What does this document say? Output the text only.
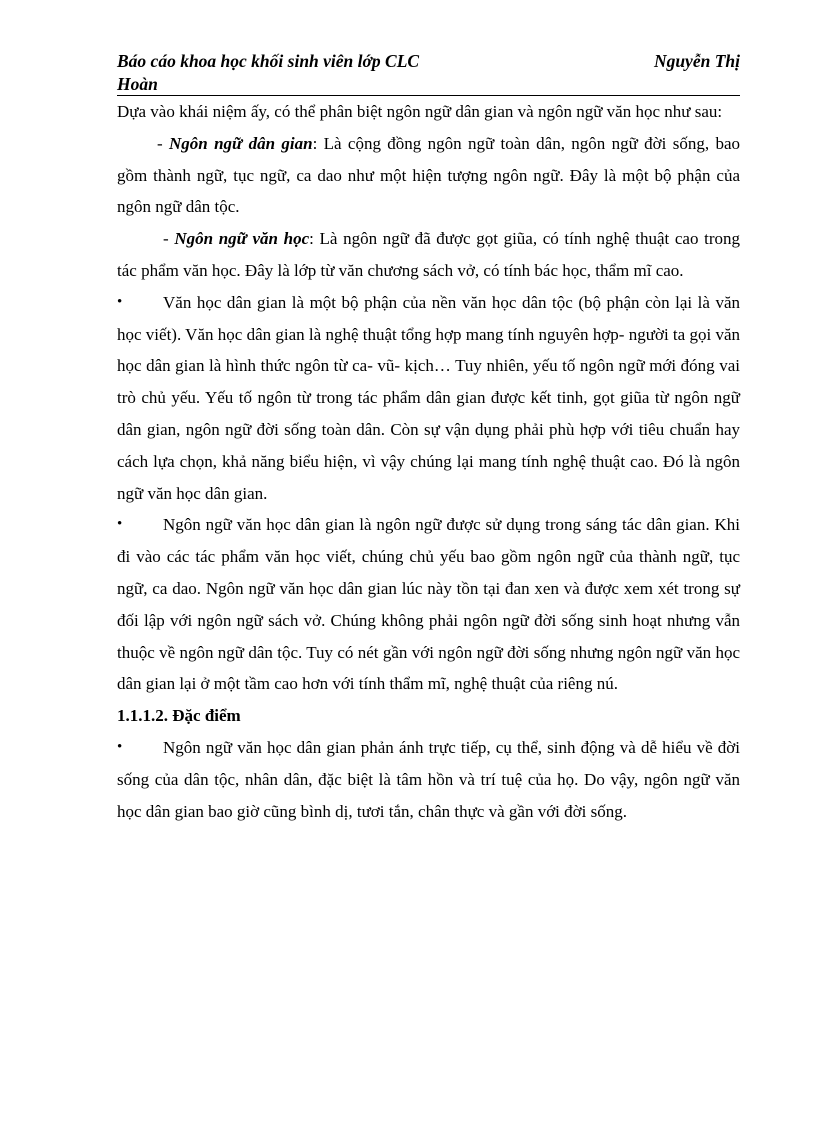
Báo cáo khoa học khối sinh viên lớp CLC	Nguyễn Thị
Hoàn

Dựa vào khái niệm ấy, có thể phân biệt ngôn ngữ dân gian và ngôn ngữ văn học như sau:

- Ngôn ngữ dân gian: Là cộng đồng ngôn ngữ toàn dân, ngôn ngữ đời sống, bao gồm thành ngữ, tục ngữ, ca dao như một hiện tượng ngôn ngữ. Đây là một bộ phận của ngôn ngữ dân tộc.

- Ngôn ngữ văn học: Là ngôn ngữ đã được gọt giũa, có tính nghệ thuật cao trong tác phẩm văn học. Đây là lớp từ văn chương sách vở, có tính bác học, thẩm mĩ cao.

• Văn học dân gian là một bộ phận của nền văn học dân tộc (bộ phận còn lại là văn học viết). Văn học dân gian là nghệ thuật tổng hợp mang tính nguyên hợp- người ta gọi văn học dân gian là hình thức ngôn từ ca- vũ- kịch… Tuy nhiên, yếu tố ngôn ngữ mới đóng vai trò chủ yếu. Yếu tố ngôn từ trong tác phẩm dân gian được kết tinh, gọt giũa từ ngôn ngữ dân gian, ngôn ngữ đời sống toàn dân. Còn sự vận dụng phải phù hợp với tiêu chuẩn hay cách lựa chọn, khả năng biểu hiện, vì vậy chúng lại mang tính nghệ thuật cao. Đó là ngôn ngữ văn học dân gian.

• Ngôn ngữ văn học dân gian là ngôn ngữ được sử dụng trong sáng tác dân gian. Khi đi vào các tác phẩm văn học viết, chúng chủ yếu bao gồm ngôn ngữ của thành ngữ, tục ngữ, ca dao. Ngôn ngữ văn học dân gian lúc này tồn tại đan xen và được xem xét trong sự đối lập với ngôn ngữ sách vở. Chúng không phải ngôn ngữ đời sống sinh hoạt nhưng vẫn thuộc về ngôn ngữ dân tộc. Tuy có nét gần với ngôn ngữ đời sống nhưng ngôn ngữ văn học dân gian lại ở một tầm cao hơn với tính thẩm mĩ, nghệ thuật của riêng nú.

1.1.1.2. Đặc điểm

• Ngôn ngữ văn học dân gian phản ánh trực tiếp, cụ thể, sinh động và dễ hiểu về đời sống của dân tộc, nhân dân, đặc biệt là tâm hồn và trí tuệ của họ. Do vậy, ngôn ngữ văn học dân gian bao giờ cũng bình dị, tươi tắn, chân thực và gần với đời sống.
